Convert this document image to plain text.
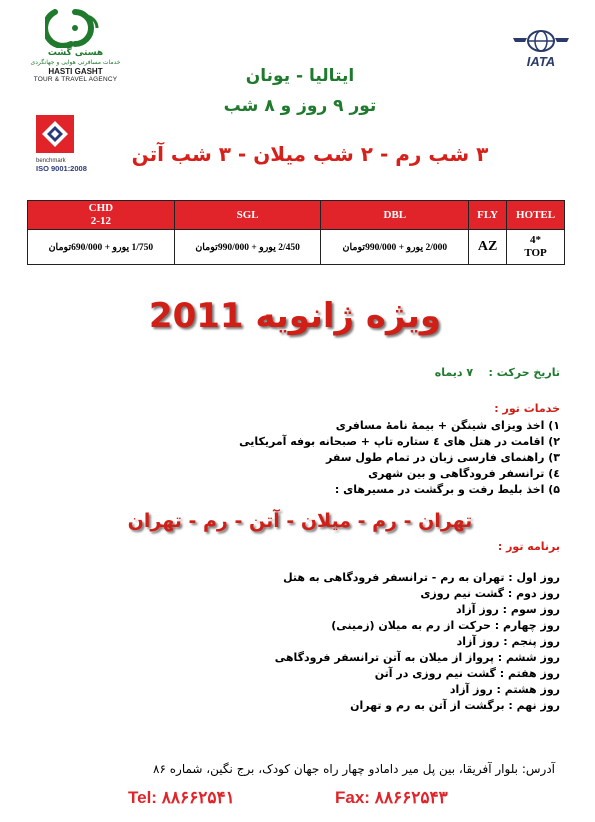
هستی گشت
خدمات مسافرتی هوایی و جهانگردی
HASTI GASHT
TOUR & TRAVEL AGENCY
IATA
benchmark
ISO 9001:2008
ایتالیا - یونان
تور ۹ روز و ۸ شب
۳ شب رم - ۲ شب میلان - ۳ شب آتن
CHD
2-12	SGL	DBL	FLY	HOTEL
1/750 یورو + 690/000تومان	2/450 یورو + 990/000تومان	2/000 یورو + 990/000تومان	AZ	4*
TOP
ویژه ژانویه 2011
تاریخ حرکت :    ۷ دیماه
خدمات تور :
۱) اخذ ویزای شینگن + بیمهٔ نامهٔ مسافری
۲) اقامت در هتل های ٤ ستاره تاپ + صبحانه بوفه آمریکایی
۳) راهنمای فارسی زبان در تمام طول سفر
٤) ترانسفر فرودگاهی و بین شهری
۵) اخذ بلیط رفت و برگشت در مسیرهای :
تهران - رم - میلان - آتن - رم - تهران
برنامه تور :
روز اول : تهران به رم - ترانسفر فرودگاهی به هتل
روز دوم : گشت نیم روزی
روز سوم : روز آزاد
روز چهارم : حرکت از رم به میلان (زمینی)
روز پنجم : روز آزاد
روز ششم : پرواز از میلان به آتن ترانسفر فرودگاهی
روز هفتم : گشت نیم روزی در آتن
روز هشتم : روز آزاد
روز نهم : برگشت از آتن به رم و تهران
آدرس: بلوار آفریقا، بین پل میر دامادو چهار راه جهان کودک، برج نگین، شماره ۸۶
Tel: ۸۸۶۶۲۵۴۱	Fax: ۸۸۶۶۲۵۴۳
